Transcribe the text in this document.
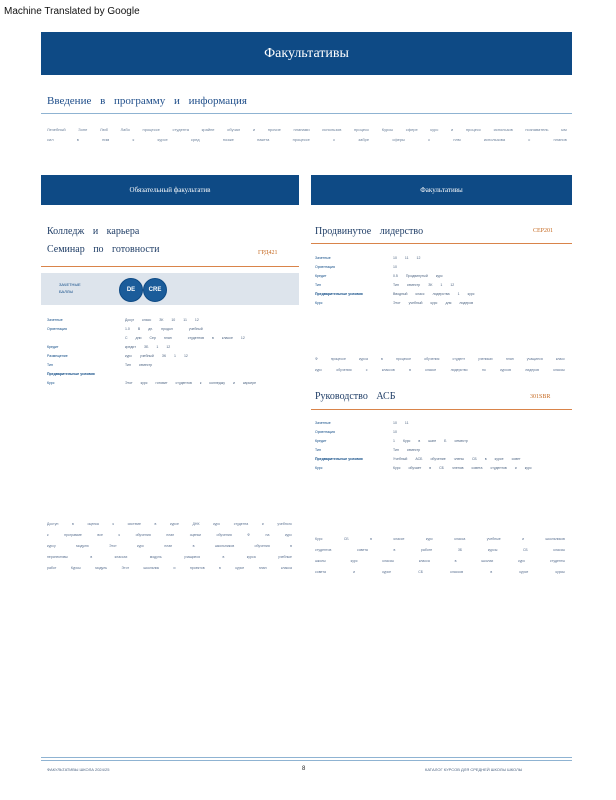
Machine Translated by Google
Факультативы
Введение в программу и информация
Лечебный	Зоне	Люб	Лабо	процессе	студента	крайне	обучал	и	прочие	планами	использов	процесс	Курсы	сфере	курс	и	процесс	использов	познаватель	ым
сил	в	ним	к	курсе	сред	позже	пакета	процессе	с	забре	сферы	с	плм	использова	с	планов
Обязательный факультатив	Факультативы
Колледж и карьера
Семинар по готовности	ГРД421
ЗАЧЕТНЫЕ
БАЛЛЫ	DE CRE
Зачетные	Досуг класс ЗК 10 11 12
Ориентация	1.0 В дн. продол	учебный
С дни Сер план	студентов в классе 12
Кредит	кредит ЗБ 1 12
Размещение	курс учебный ЗК 1 12
Тип	Тип семестр
Предварительные условия
Курс	Этот курс готовит студентов к колледжу и карьере
Доступ	в	оценка	к	системе	в	курсе	ДНК	курс	студента	и	учебного
к	программе	все	к	обучения	план	оценки	обучения	Ф	на	курс
курсу	модулю	Этот	курс	план	в	школьников	обучения	в
перспективы	в	классах	модуль	учащиеся	в	курса	учебные
работ	Курсы	модуль	Этот	школьник	и	проектов	в	курсе	план	класса
Продвинутое лидерство	СЕР201
Зачетные	10 11 12
Ориентация	10
Кредит	0.5 Продвинутый курс
Тип	Тип семестр ЗК 1 12
Предварительные условия	Вводный класс лидерства 1 курс
Курс	Этот учебный курс для лидеров
Ф	процессе	курса	в	процессе	обучения	студент	учениках	план	учащиеся	класс
курс	обучения	с	классов	в	классе	лидерство	по	курсов	лидеров	классы
Руководство АСБ	301SBR
Зачетные	10 11
Ориентация	10
Кредит	1 Курс в шаге Б семестр
Тип	Тип семестр
Предварительные условия	Учебный АСБ обучение члены СБ в курсе совет
Курс	Курс обучает в СБ членов совета студентов и курс
Курс	СБ	в	классе	курс	класса	учебные	и	школьников
студентов	совета	в	работе	ЗБ	курсы	СБ	классы
школы	курс	классы	класса	в	школах	курс	студенты
совета	и	курсе	СБ	классов	в	курсе	курсы
ФАКУЛЬТАТИВЫ ШКОЛА 2024/25	8	КАТАЛОГ КУРСОВ ДЛЯ СРЕДНЕЙ ШКОЛЫ ШКОЛЫ
